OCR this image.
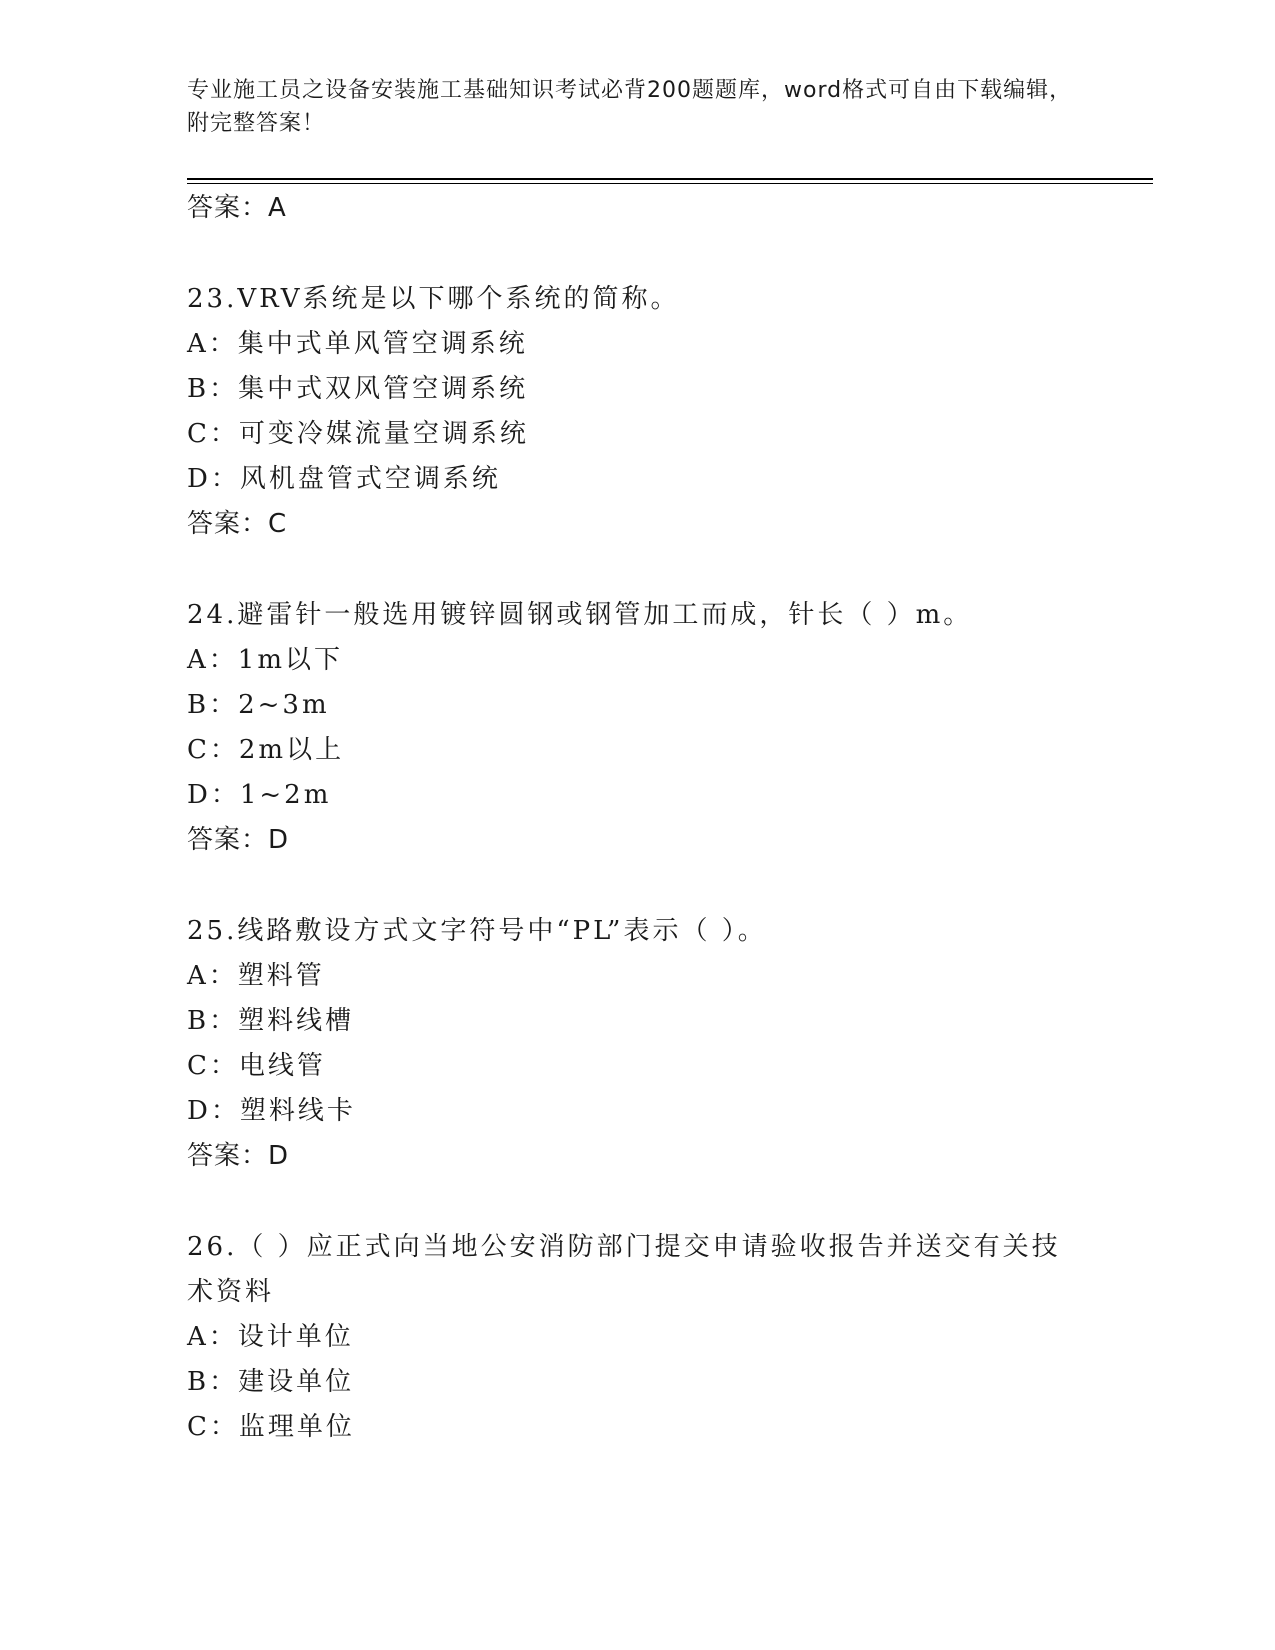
专业施工员之设备安装施工基础知识考试必背200题题库，word格式可自由下载编辑，附完整答案！
答案：A
23.VRV系统是以下哪个系统的简称。
A：集中式单风管空调系统
B：集中式双风管空调系统
C：可变冷媒流量空调系统
D：风机盘管式空调系统
答案：C
24.避雷针一般选用镀锌圆钢或钢管加工而成，针长（ ）m。
A：1m以下
B：2~3m
C：2m以上
D：1~2m
答案：D
25.线路敷设方式文字符号中“PL”表示（ ）。
A：塑料管
B：塑料线槽
C：电线管
D：塑料线卡
答案：D
26.（ ）应正式向当地公安消防部门提交申请验收报告并送交有关技术资料
A：设计单位
B：建设单位
C：监理单位
